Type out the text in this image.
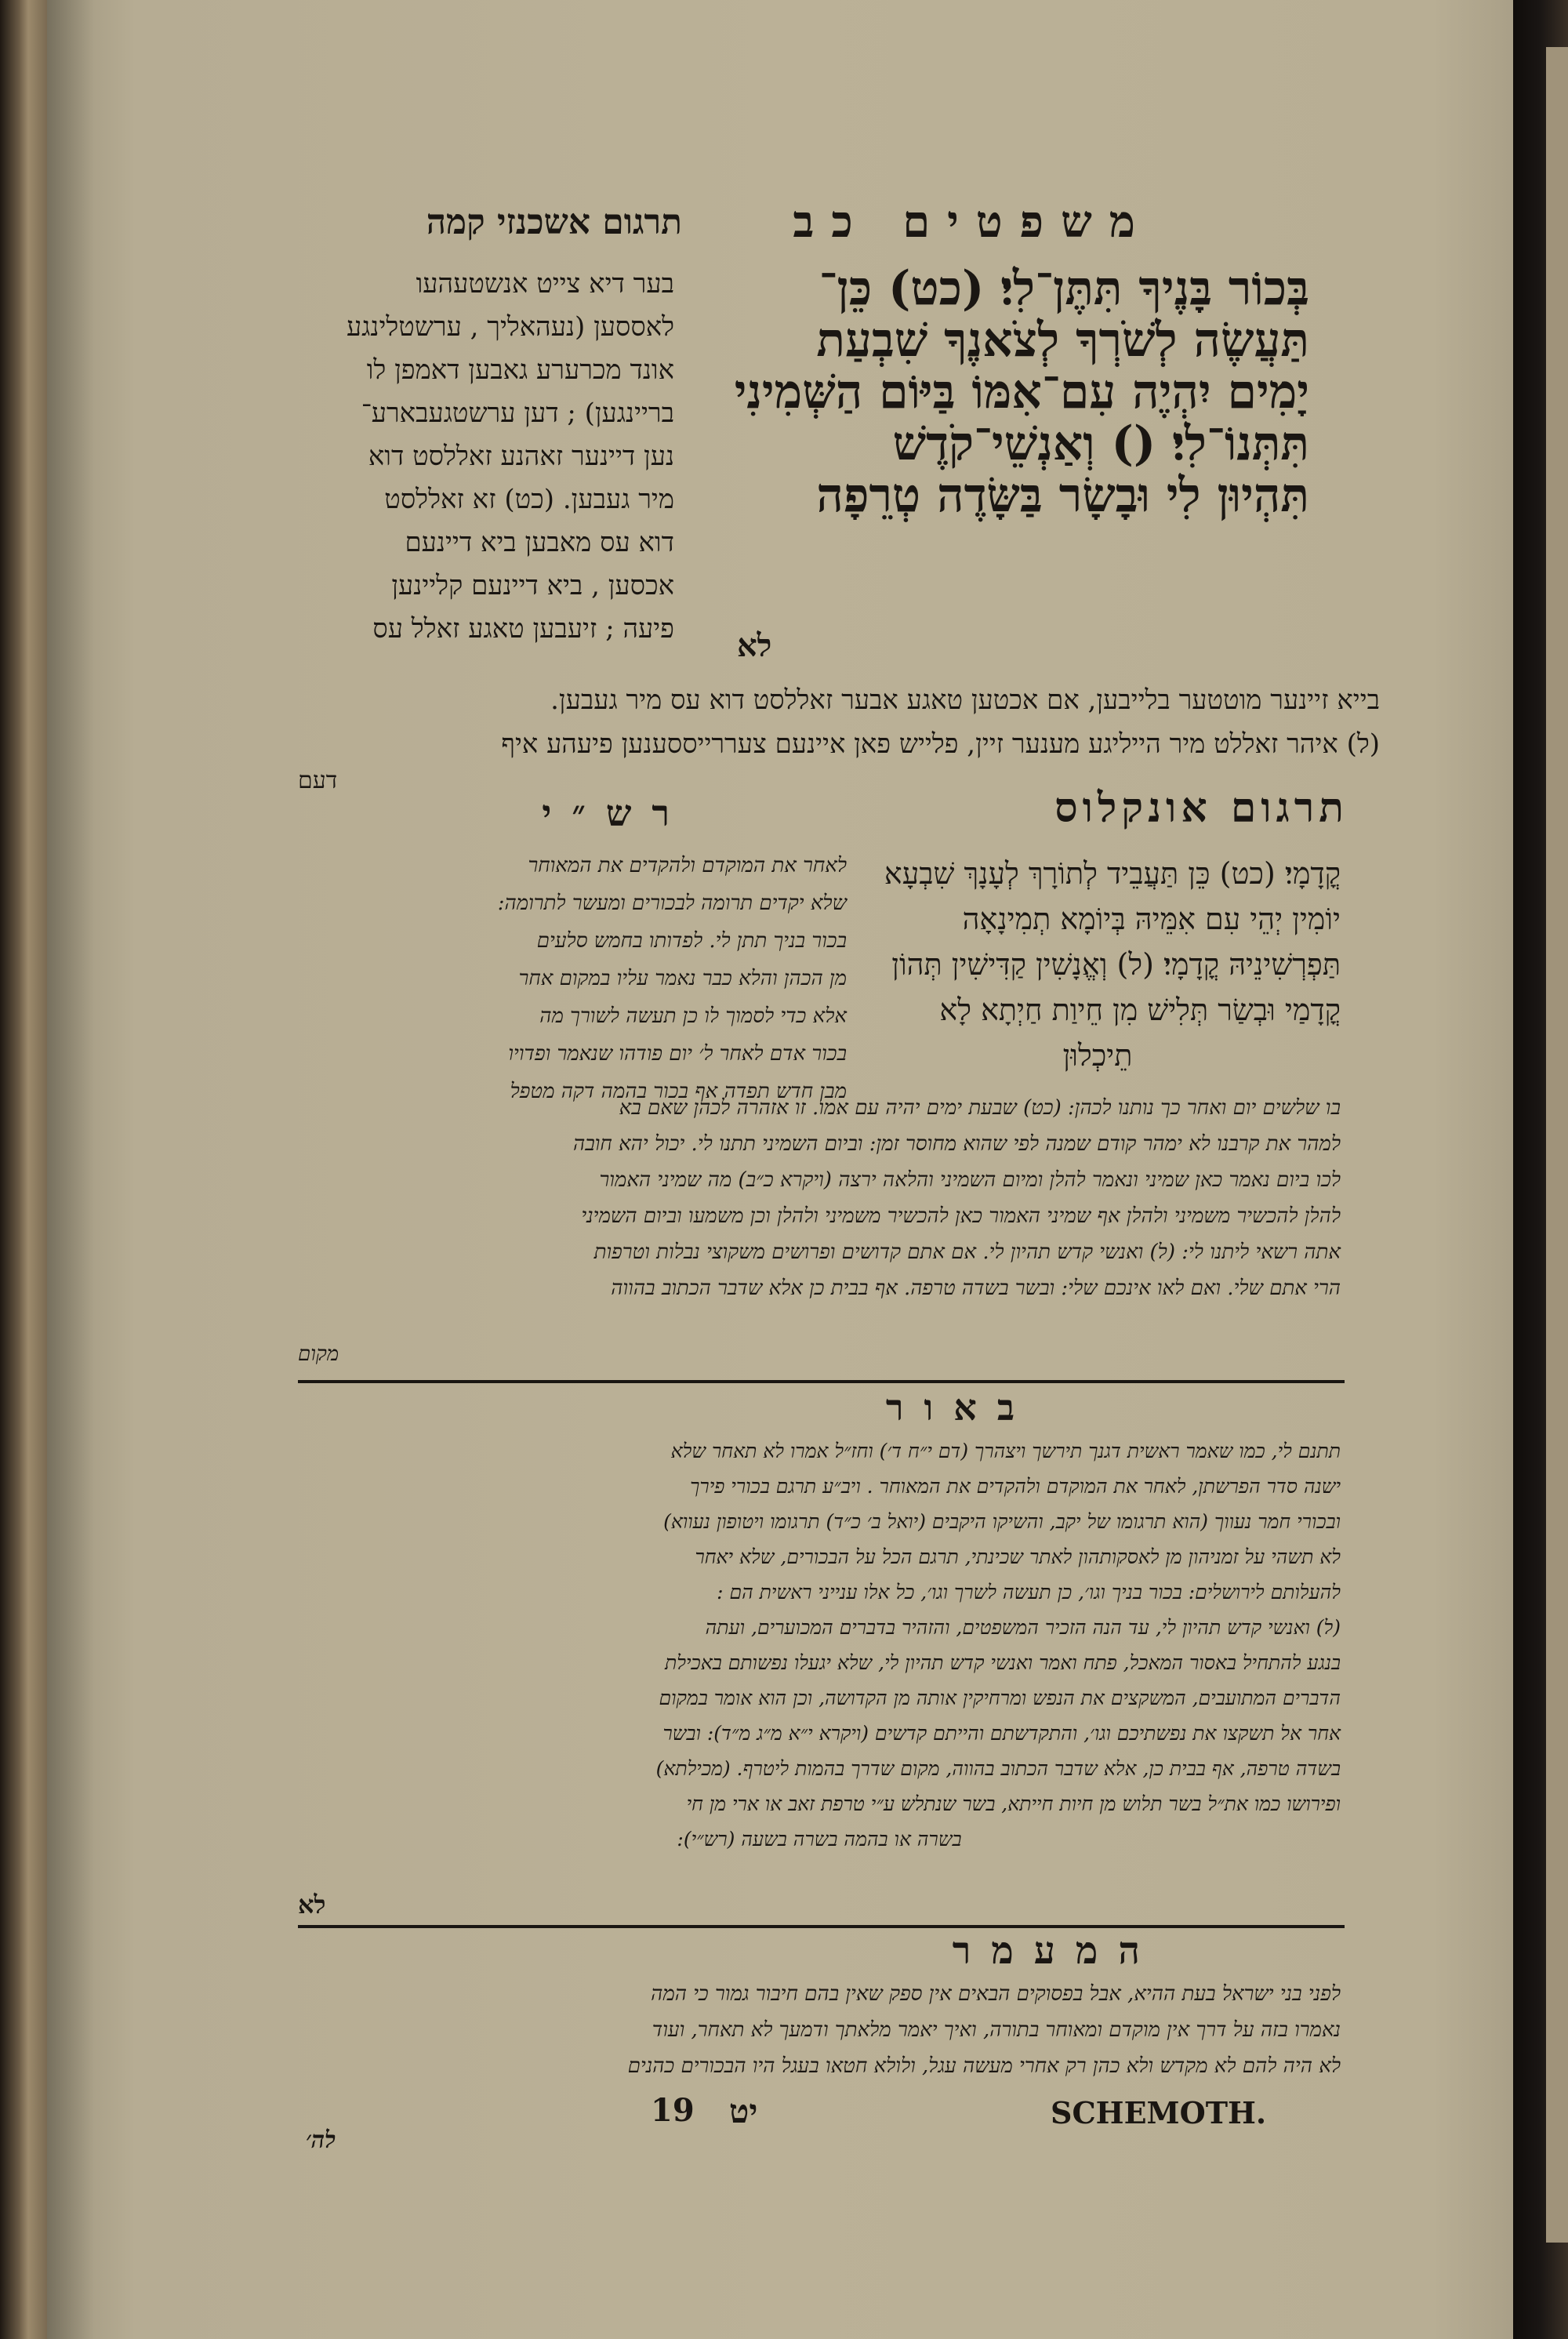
משפטים כב
תרגום אשכנזי קמה
בְּכוֹר בָּנֶיךָ תִּתֶּן־לִי׃ (כט) כֵּן־
תַּעֲשֶׂה לְשֹׁרְךָ לְצֹאנֶךָ שִׁבְעַת
יָמִים יִהְיֶה עִם־אִמּוֹ בַּיּוֹם הַשְּׁמִינִי
תִּתְּנוֹ־לִי׃ () וְאַנְשֵׁי־קֹדֶשׁ
תִּהְיוּן לִי וּבָשָׂר בַּשָּׂדֶה טְרֵפָה
לא
בער דיא צייט אנשטעהעו
לאססען (נעהאליך , ערשטלינגע
אונד מכרערע גאבען דאמפן לו
בריינגען) ; דען ערשטגעבארע־
נען דיינער זאהנע זאללסט דוא
מיר געבען. (כט) זא זאללסט
דוא עס מאבען ביא דיינעם
אכסען , ביא דיינעם קליינען
פיעה ; זיעבען טאגע זאלל עס
בייא זיינער מוטטער בלייבען, אם אכטען טאגע אבער זאללסט דוא עס מיר געבען.
(ל) איהר זאללט מיר הייליגע מענער זיין, פלייש פאן איינעם צעררייססענען פיעהע איף
דעם
תרגום אונקלוס
קֳדָמָי׃ (כט) כֵּן תַּעֲבֵיד לְתוֹרָךְ לְעָנָךְ שִׁבְעָא
יוֹמִין יְהֵי עִם אִמֵּיהּ בְּיוֹמָא תְמִינָאָה
תַּפְרְשִׁינֵיהּ קֳדָמָי׃ (ל) וְאֱנָשִׁין קַדִּישִׁין תְּהוֹן
קֳדָמַי וּבְשַׂר תְּלִישׁ מִן חֵיוַת חַיְתָא לָא
תֵיכְלוּן
רש״י
לאחר את המוקדם ולהקדים את המאוחר
שלא יקדים תרומה לבכורים ומעשר לתרומה:
בכור בניך תתן לי. לפדותו בחמש סלעים
מן הכהן והלא כבר נאמר עליו במקום אחר
אלא כדי לסמוך לו כן תעשה לשורך מה
בכור אדם לאחר ל׳ יום פודהו שנאמר ופדויו
מבן חדש תפדה אף בכור בהמה דקה מטפל
בו שלשים יום ואחר כך נותנו לכהן: (כט) שבעת ימים יהיה עם אמו. זו אזהרה לכהן שאם בא
למהר את קרבנו לא ימהר קודם שמנה לפי שהוא מחוסר זמן: וביום השמיני תתנו לי. יכול יהא חובה
לכו ביום נאמר כאן שמיני ונאמר להלן ומיום השמיני והלאה ירצה (ויקרא כ״ב) מה שמיני האמור
להלן להכשיר משמיני ולהלן אף שמיני האמור כאן להכשיר משמיני ולהלן וכן משמעו וביום השמיני
אתה רשאי ליתנו לי: (ל) ואנשי קדש תהיון לי. אם אתם קדושים ופרושים משקוצי נבלות וטרפות
הרי אתם שלי. ואם לאו אינכם שלי: ובשר בשדה טרפה. אף בבית כן אלא שדבר הכתוב בהווה
מקום
באור
תתנם לי, כמו שאמר ראשית דגנך תירשך ויצהרך (דם י״ח ד׳) וחז״ל אמרו לא תאחר שלא
ישנה סדר הפרשתן, לאחר את המוקדם ולהקדים את המאוחר . ויב״ע תרגם בכורי פירך
ובכורי חמר נעווך (הוא תרגומו של יקב, והשיקו היקבים (יואל ב׳ כ״ד) תרגומו ויטופון נעווא)
לא תשהי על זמניהון מן לאסקותהון לאתר שכינתי, תרגם הכל על הבכורים, שלא יאחר
להעלותם לירושלים: בכור בניך וגו׳, כן תעשה לשרך וגו׳, כל אלו ענייני ראשית הם :
(ל) ואנשי קדש תהיון לי, עד הנה הזכיר המשפטים, והזהיר בדברים המכוערים, ועתה
בנגע להתחיל באסור המאכל, פתח ואמר ואנשי קדש תהיון לי, שלא יגעלו נפשותם באכילת
הדברים המתועבים, המשקצים את הנפש ומרחיקין אותה מן הקדושה, וכן הוא אומר במקום
אחר אל תשקצו את נפשתיכם וגו׳, והתקדשתם והייתם קדשים (ויקרא י״א מ״ג מ״ד): ובשר
בשדה טרפה, אף בבית כן, אלא שדבר הכתוב בהווה, מקום שדרך בהמות ליטרף. (מכילתא)
ופירושו כמו את״ל בשר תלוש מן חיות חייתא, בשר שנתלש ע״י טרפת זאב או ארי מן חי
בשרה או בהמה בשרה בשעה (רש״י):
לא
המעמר
לפני בני ישראל בעת ההיא, אבל בפסוקים הבאים אין ספק שאין בהם חיבור גמור כי המה
נאמרו בזה על דרך אין מוקדם ומאוחר בתורה, ואיך יאמר מלאתך ודמעך לא תאחר, ועוד
לא היה להם לא מקדש ולא כהן רק אחרי מעשה עגל, ולולא חטאו בעגל היו הבכורים כהנים
יט
19	SCHEMOTH.
לה׳
